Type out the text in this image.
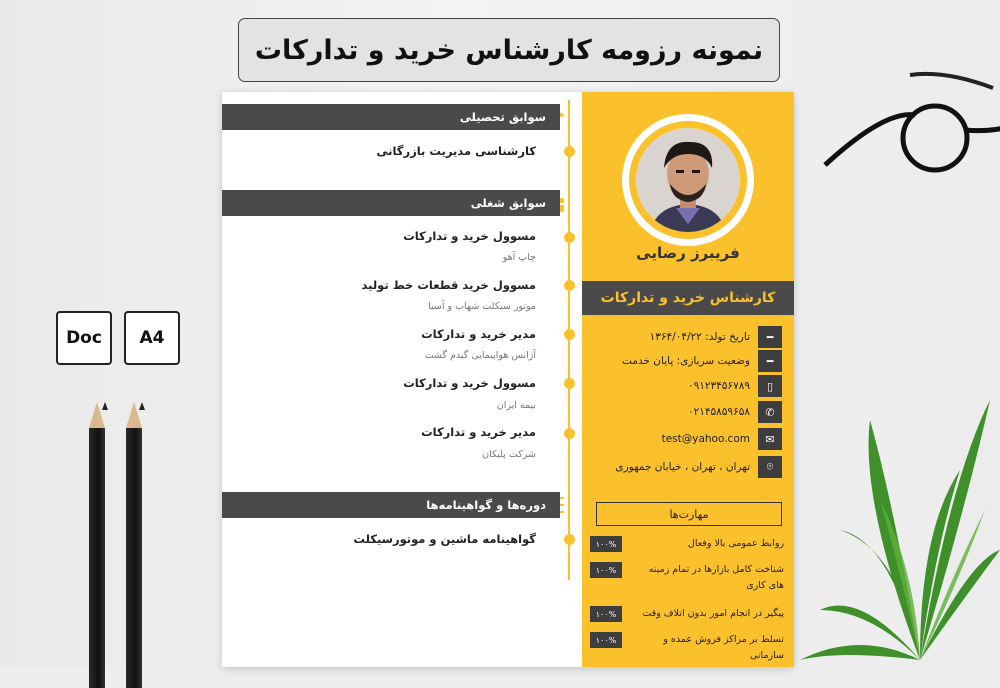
نمونه رزومه کارشناس خرید و تدارکات
Doc	A4
فریبرز رضایی
کارشناس خرید و تدارکات
━
تاریخ تولد: ۱۳۶۴/۰۴/۲۲
━
وضعیت سربازی: پایان خدمت
▯
۰۹۱۲۳۴۵۶۷۸۹
✆
۰۲۱۴۵۸۵۹۶۵۸
✉
test@yahoo.com
⌾
تهران ، تهران ، خیابان جمهوری
مهارت‌ها
روابط عمومی بالا وفعال
۱۰۰%
شناخت کامل بازارها در تمام زمینه های کاری
۱۰۰%
پیگیر در انجام امور بدون اتلاف وقت
۱۰۰%
تسلط بر مراکز فروش عمده و سازمانی
۱۰۰%
سوابق تحصیلی
کارشناسی مدیریت بازرگانی
سوابق شغلی
مسوول خرید و تدارکات
چاپ آهو
مسوول خرید قطعات خط تولید
موتور سیکلت شهاب و آسیا
مدیر خرید و تدارکات
آژانس هواپیمایی گندم گشت
مسوول خرید و تدارکات
بیمه ایران
مدیر خرید و تدارکات
شرکت پلیکان
دوره‌ها و گواهینامه‌ها
گواهینامه ماشین و موتورسیکلت
